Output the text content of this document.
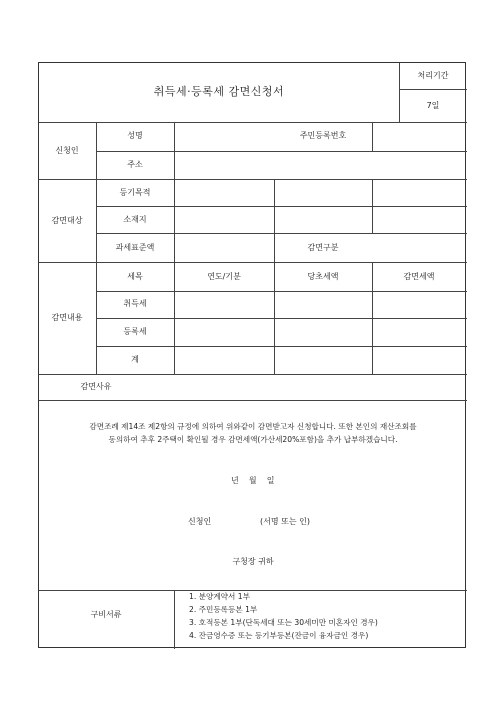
취득세·등록세 감면신청서
처리기간
7일
신청인
성명	주민등록번호
주소
감면대상
등기목적
소재지
과세표준액	감면구분
감면내용
세목	연도/기분	당초세액	감면세액
취득세
등록세
계
감면사유
감면조례 제14조 제2항의 규정에 의하여 위와같이 감면받고자 신청합니다. 또한 본인의 재산조회를
동의하여 추후 2주택이 확인될 경우 감면세액(가산세20%포함)을 추가 납부하겠습니다.
년    월    일
신청인	(서명 또는 인)
구청장 귀하
구비서류
1. 분양계약서 1부
2. 주민등록등본 1부
3. 호적등본 1부(단독세대 또는 30세미만 미혼자인 경우)
4. 잔금영수증 또는 등기부등본(잔금이 융자금인 경우)
